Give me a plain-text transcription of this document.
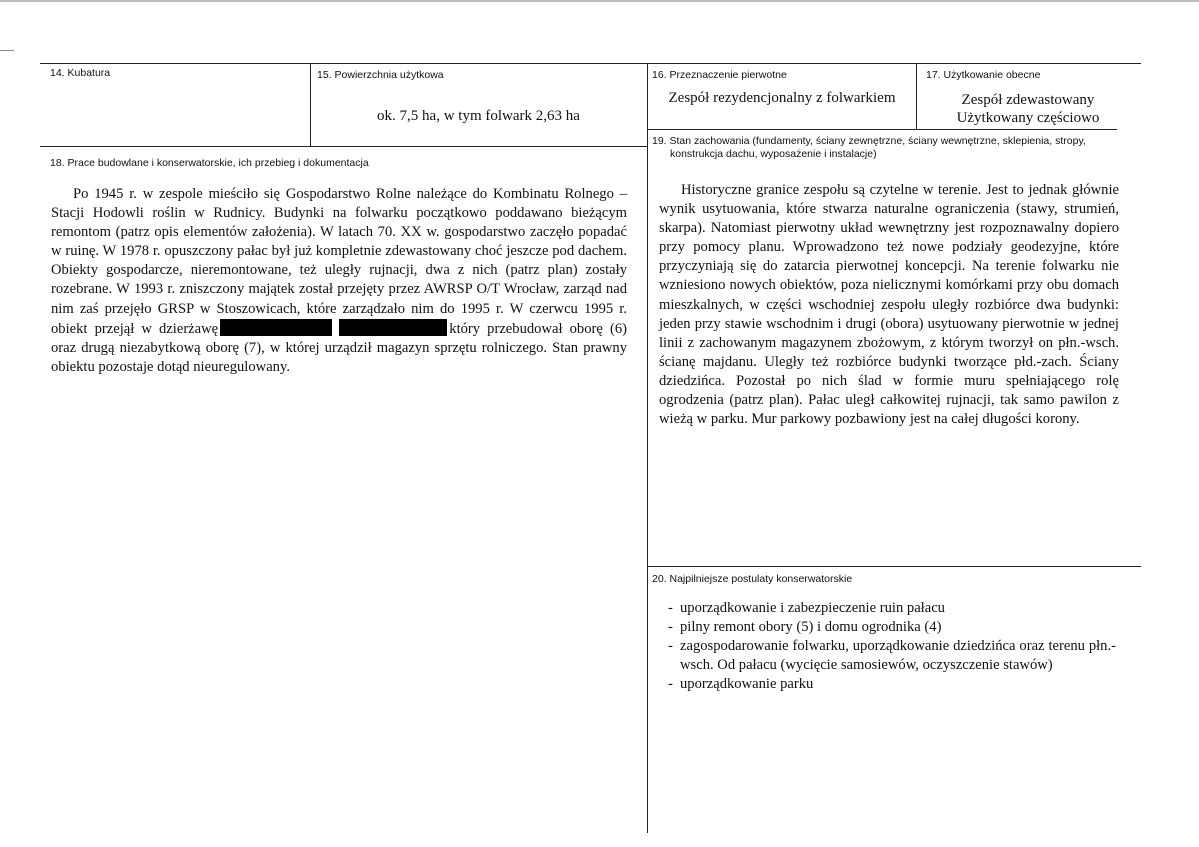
14. Kubatura	15. Powierzchnia użytkowa
ok. 7,5 ha, w tym folwark 2,63 ha
16. Przeznaczenie pierwotne
Zespół rezydencjonalny z folwarkiem
17. Użytkowanie obecne
Zespół zdewastowany
Użytkowany częściowo
18. Prace budowlane i konserwatorskie, ich przebieg i dokumentacja
Po 1945 r. w zespole mieściło się Gospodarstwo Rolne należące do Kombinatu Rolnego – Stacji Hodowli roślin w Rudnicy. Budynki na folwarku początkowo poddawano bieżącym remontom (patrz opis elementów założenia). W latach 70. XX w. gospodarstwo zaczęło popadać w ruinę. W 1978 r. opuszczony pałac był już kompletnie zdewastowany choć jeszcze pod dachem. Obiekty gospodarcze, nieremontowane, też uległy rujnacji, dwa z nich (patrz plan) zostały rozebrane. W 1993 r. zniszczony majątek został przejęty przez AWRSP O/T Wrocław, zarząd nad nim zaś przejęło GRSP w Stoszowicach, które zarządzało nim do 1995 r. W czerwcu 1995 r. obiekt przejął w dzierżawę	który przebudował oborę (6) oraz drugą niezabytkową oborę (7), w której urządził magazyn sprzętu rolniczego. Stan prawny obiektu pozostaje dotąd nieuregulowany.
19. Stan zachowania (fundamenty, ściany zewnętrzne, ściany wewnętrzne, sklepienia, stropy,
konstrukcja dachu, wyposażenie i instalacje)
Historyczne granice zespołu są czytelne w terenie. Jest to jednak głównie wynik usytuowania, które stwarza naturalne ograniczenia (stawy, strumień, skarpa). Natomiast pierwotny układ wewnętrzny jest rozpoznawalny dopiero przy pomocy planu. Wprowadzono też nowe podziały geodezyjne, które przyczyniają się do zatarcia pierwotnej koncepcji. Na terenie folwarku nie wzniesiono nowych obiektów, poza nielicznymi komórkami przy obu domach mieszkalnych, w części wschodniej zespołu uległy rozbiórce dwa budynki: jeden przy stawie wschodnim i drugi (obora) usytuowany pierwotnie w jednej linii z zachowanym magazynem zbożowym, z którym tworzył on płn.-wsch. ścianę majdanu. Uległy też rozbiórce budynki tworzące płd.-zach. Ściany dziedzińca. Pozostał po nich ślad w formie muru spełniającego rolę ogrodzenia (patrz plan). Pałac uległ całkowitej rujnacji, tak samo pawilon z wieżą w parku. Mur parkowy pozbawiony jest na całej długości korony.
20. Najpilniejsze postulaty konserwatorskie
- uporządkowanie i zabezpieczenie ruin pałacu
- pilny remont obory (5) i domu ogrodnika (4)
- zagospodarowanie folwarku, uporządkowanie dziedzińca oraz terenu płn.-wsch. Od pałacu (wycięcie samosiewów, oczyszczenie stawów)
- uporządkowanie parku
